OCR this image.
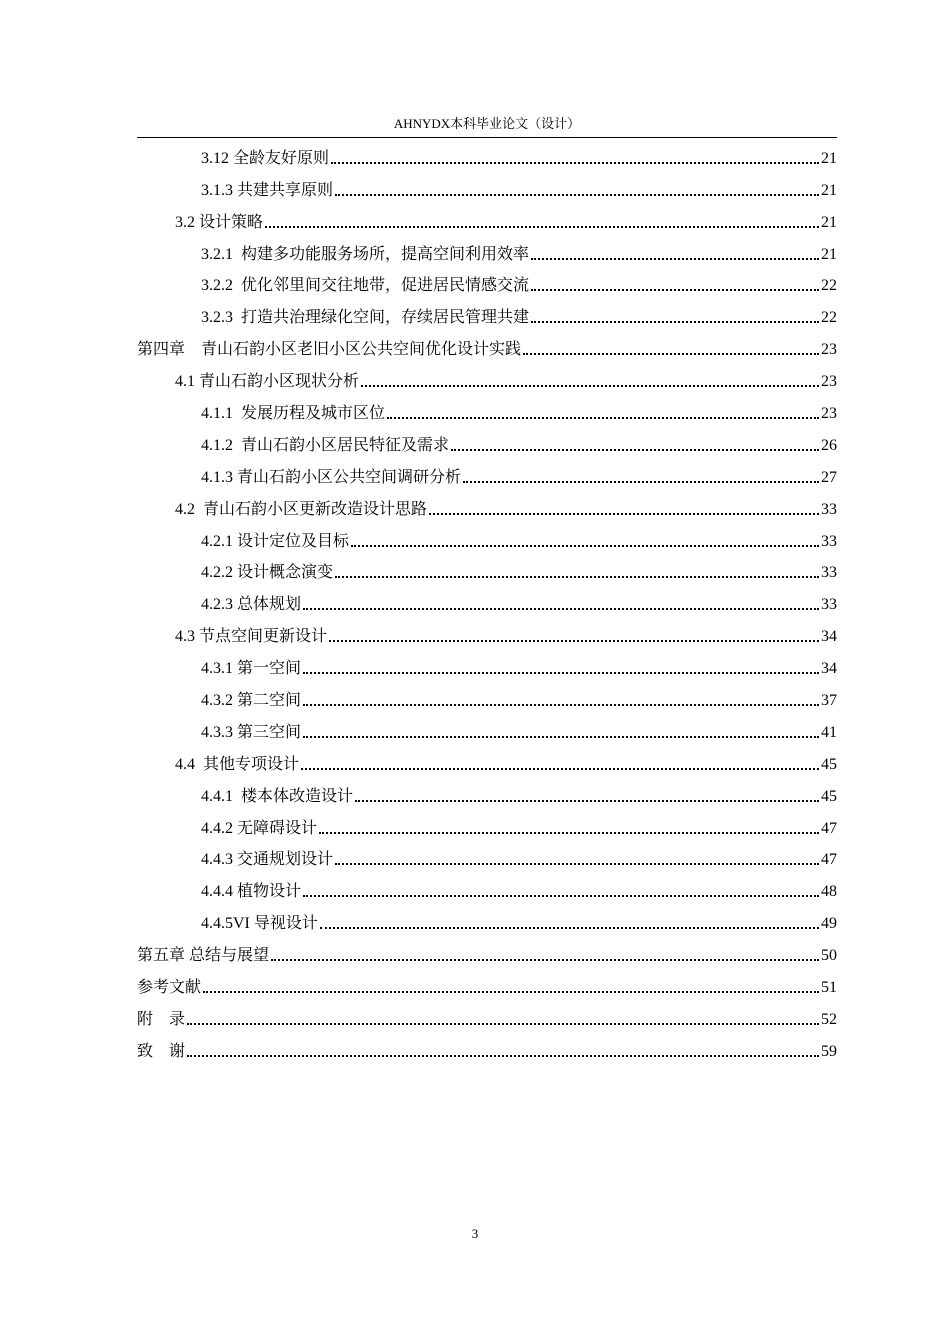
AHNYDX本科毕业论文（设计）
3.12 全龄友好原则	21
3.1.3 共建共享原则	21
3.2 设计策略	21
3.2.1  构建多功能服务场所，提高空间利用效率	21
3.2.2  优化邻里间交往地带，促进居民情感交流	22
3.2.3  打造共治理绿化空间，存续居民管理共建	22
第四章    青山石韵小区老旧小区公共空间优化设计实践	23
4.1 青山石韵小区现状分析	23
4.1.1  发展历程及城市区位	23
4.1.2  青山石韵小区居民特征及需求	26
4.1.3 青山石韵小区公共空间调研分析	27
4.2  青山石韵小区更新改造设计思路	33
4.2.1 设计定位及目标	33
4.2.2 设计概念演变	33
4.2.3 总体规划	33
4.3 节点空间更新设计	34
4.3.1 第一空间	34
4.3.2 第二空间	37
4.3.3 第三空间	41
4.4  其他专项设计	45
4.4.1  楼本体改造设计	45
4.4.2 无障碍设计	47
4.4.3 交通规划设计	47
4.4.4 植物设计	48
4.4.5VI 导视设计	49
第五章 总结与展望	50
参考文献	51
附    录	52
致    谢	59
3
